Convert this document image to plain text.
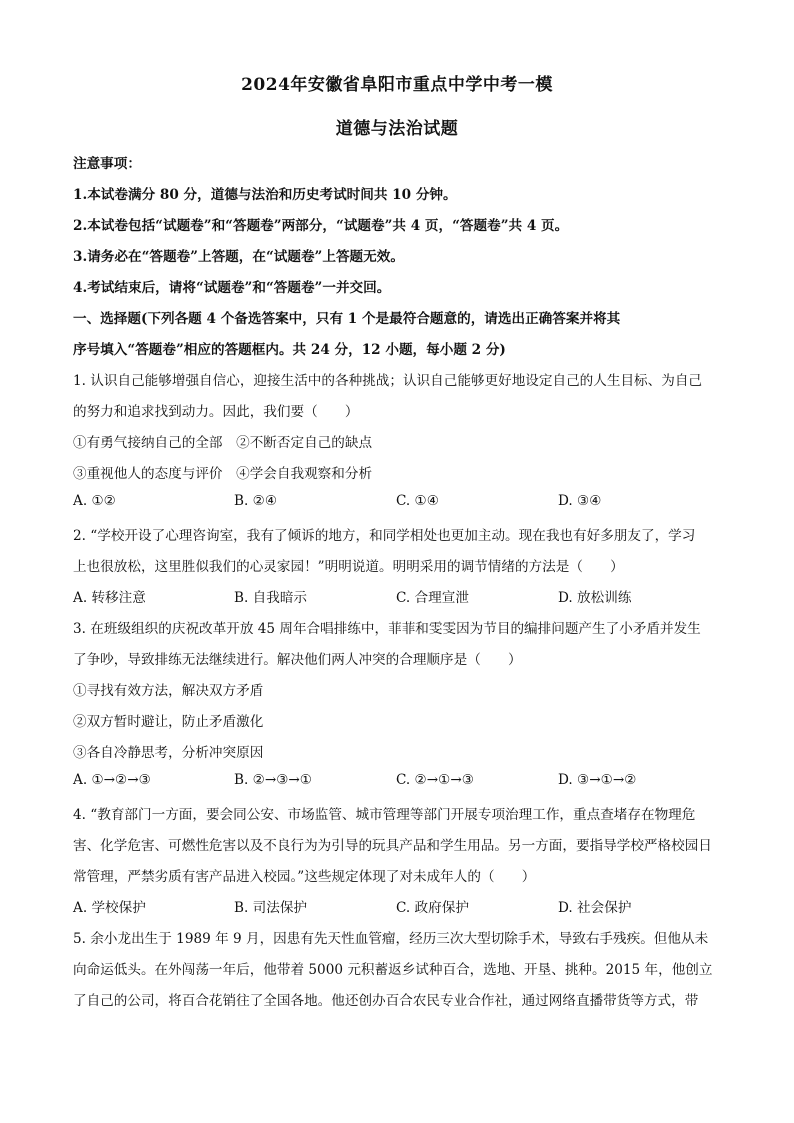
2024年安徽省阜阳市重点中学中考一模
道德与法治试题
注意事项：
1.本试卷满分 80 分，道德与法治和历史考试时间共 10 分钟。
2.本试卷包括“试题卷”和“答题卷”两部分，“试题卷”共 4 页，“答题卷”共 4 页。
3.请务必在“答题卷”上答题，在“试题卷”上答题无效。
4.考试结束后，请将“试题卷”和“答题卷”一并交回。
一、选择题(下列各题 4 个备选答案中，只有 1 个是最符合题意的，请选出正确答案并将其
序号填入“答题卷”相应的答题框内。共 24 分，12 小题，每小题 2 分)
1. 认识自己能够增强自信心，迎接生活中的各种挑战；认识自己能够更好地设定自己的人生目标、为自己
的努力和追求找到动力。因此，我们要（　　）
①有勇气接纳自己的全部　②不断否定自己的缺点
③重视他人的态度与评价　④学会自我观察和分析
A. ①②	B. ②④	C. ①④	D. ③④
2. “学校开设了心理咨询室，我有了倾诉的地方，和同学相处也更加主动。现在我也有好多朋友了，学习
上也很放松，这里胜似我们的心灵家园！”明明说道。明明采用的调节情绪的方法是（　　）
A. 转移注意	B. 自我暗示	C. 合理宣泄	D. 放松训练
3. 在班级组织的庆祝改革开放 45 周年合唱排练中，菲菲和雯雯因为节目的编排问题产生了小矛盾并发生
了争吵，导致排练无法继续进行。解决他们两人冲突的合理顺序是（　　）
①寻找有效方法，解决双方矛盾
②双方暂时避让，防止矛盾激化
③各自冷静思考，分析冲突原因
A. ①→②→③	B. ②→③→①	C. ②→①→③	D. ③→①→②
4. “教育部门一方面，要会同公安、市场监管、城市管理等部门开展专项治理工作，重点查堵存在物理危
害、化学危害、可燃性危害以及不良行为为引导的玩具产品和学生用品。另一方面，要指导学校严格校园日
常管理，严禁劣质有害产品进入校园。”这些规定体现了对未成年人的（　　）
A. 学校保护	B. 司法保护	C. 政府保护	D. 社会保护
5. 余小龙出生于 1989 年 9 月，因患有先天性血管瘤，经历三次大型切除手术，导致右手残疾。但他从未
向命运低头。在外闯荡一年后，他带着 5000 元积蓄返乡试种百合，选地、开垦、挑种。2015 年，他创立
了自己的公司，将百合花销往了全国各地。他还创办百合农民专业合作社，通过网络直播带货等方式，带
